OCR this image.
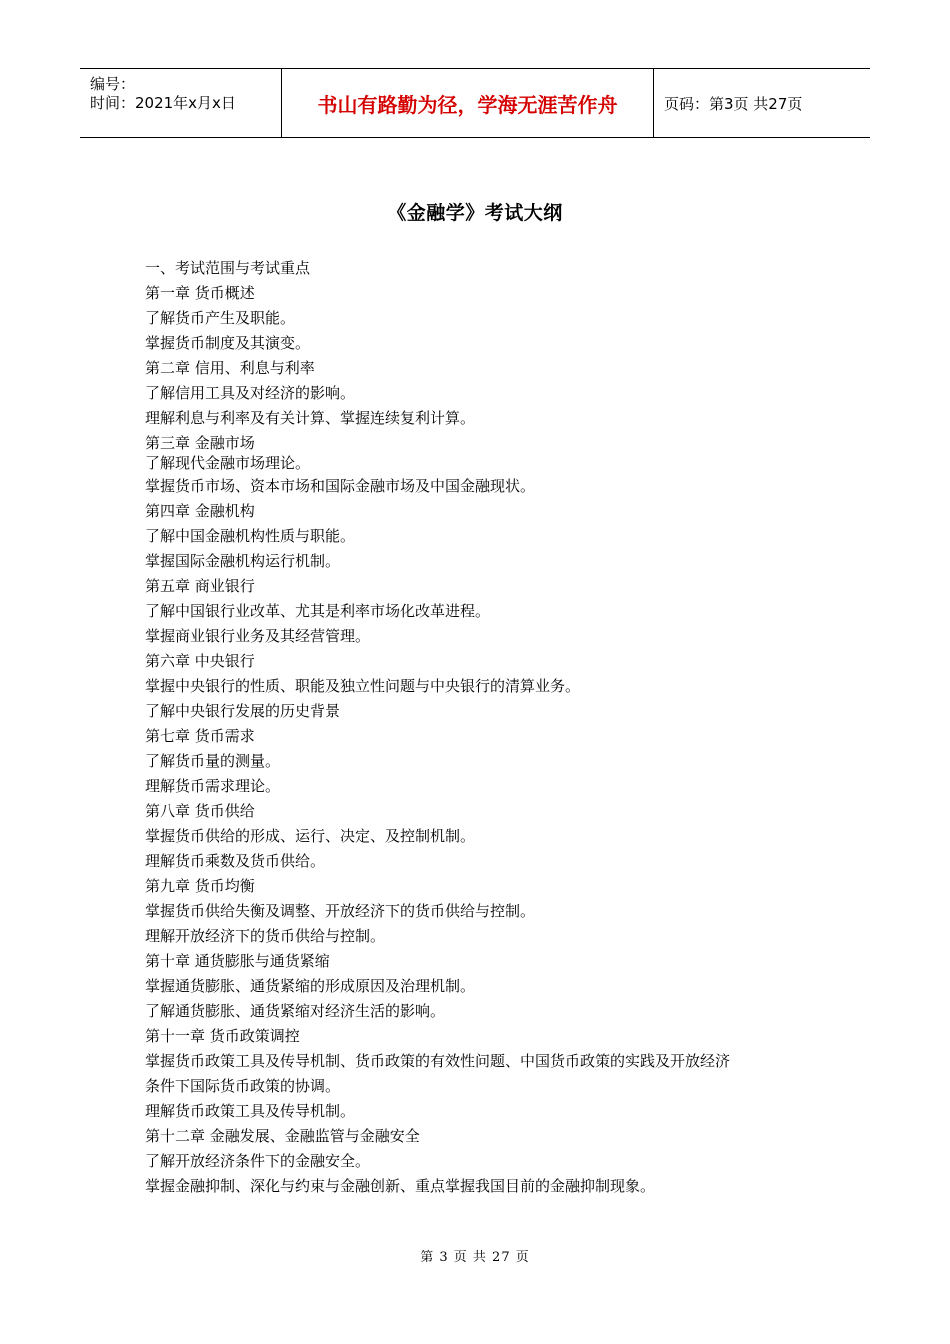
编号：
时间：2021年x月x日	书山有路勤为径，学海无涯苦作舟	页码：第3页 共27页
《金融学》考试大纲
一、考试范围与考试重点
第一章 货币概述
了解货币产生及职能。
掌握货币制度及其演变。
第二章 信用、利息与利率
了解信用工具及对经济的影响。
理解利息与利率及有关计算、掌握连续复利计算。
第三章 金融市场
了解现代金融市场理论。
掌握货币市场、资本市场和国际金融市场及中国金融现状。
第四章 金融机构
了解中国金融机构性质与职能。
掌握国际金融机构运行机制。
第五章 商业银行
了解中国银行业改革、尤其是利率市场化改革进程。
掌握商业银行业务及其经营管理。
第六章 中央银行
掌握中央银行的性质、职能及独立性问题与中央银行的清算业务。
了解中央银行发展的历史背景
第七章 货币需求
了解货币量的测量。
理解货币需求理论。
第八章 货币供给
掌握货币供给的形成、运行、决定、及控制机制。
理解货币乘数及货币供给。
第九章 货币均衡
掌握货币供给失衡及调整、开放经济下的货币供给与控制。
理解开放经济下的货币供给与控制。
第十章 通货膨胀与通货紧缩
掌握通货膨胀、通货紧缩的形成原因及治理机制。
了解通货膨胀、通货紧缩对经济生活的影响。
第十一章 货币政策调控
掌握货币政策工具及传导机制、货币政策的有效性问题、中国货币政策的实践及开放经济
条件下国际货币政策的协调。
理解货币政策工具及传导机制。
第十二章 金融发展、金融监管与金融安全
了解开放经济条件下的金融安全。
掌握金融抑制、深化与约束与金融创新、重点掌握我国目前的金融抑制现象。
第 3 页 共 27 页
